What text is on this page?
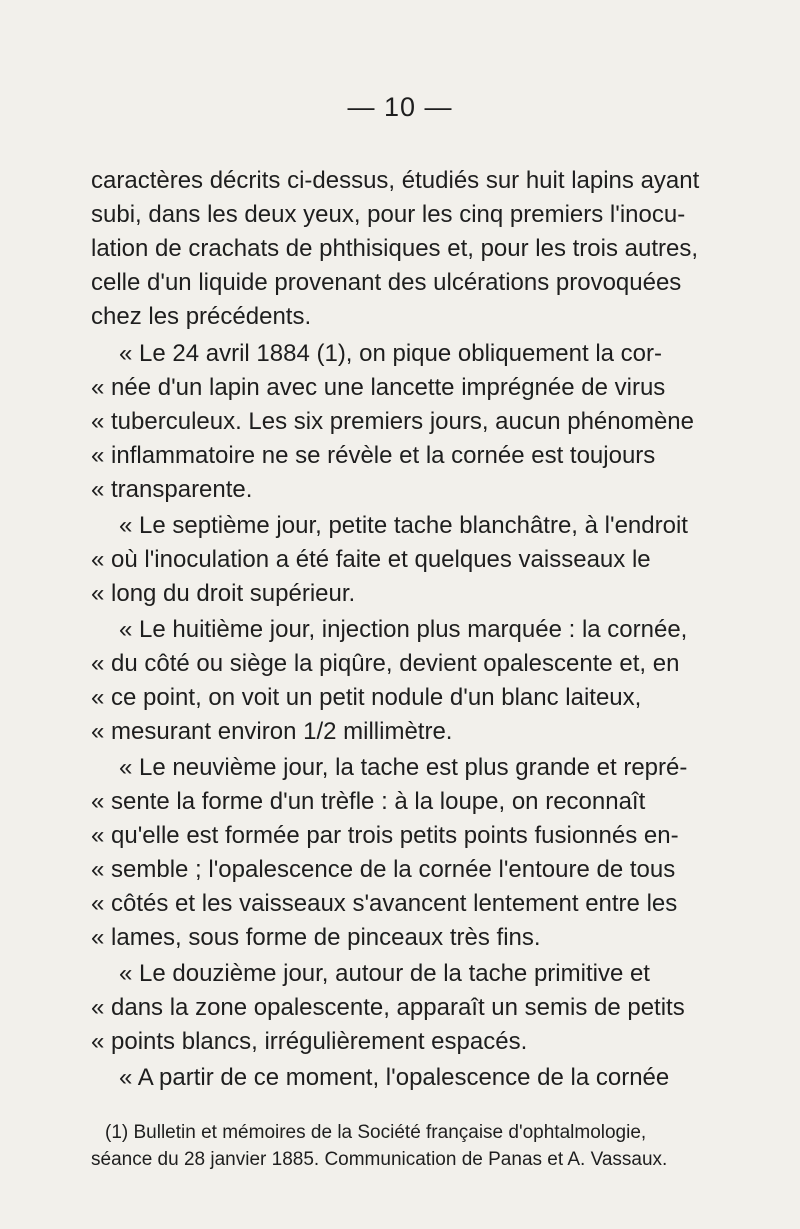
— 10 —
caractères décrits ci-dessus, étudiés sur huit lapins ayant
subi, dans les deux yeux, pour les cinq premiers l'inocu-
lation de crachats de phthisiques et, pour les trois autres,
celle d'un liquide provenant des ulcérations provoquées
chez les précédents.
« Le 24 avril 1884 (1), on pique obliquement la cor-
« née d'un lapin avec une lancette imprégnée de virus
« tuberculeux. Les six premiers jours, aucun phénomène
« inflammatoire ne se révèle et la cornée est toujours
« transparente.
« Le septième jour, petite tache blanchâtre, à l'endroit
« où l'inoculation a été faite et quelques vaisseaux le
« long du droit supérieur.
« Le huitième jour, injection plus marquée : la cornée,
« du côté ou siège la piqûre, devient opalescente et, en
« ce point, on voit un petit nodule d'un blanc laiteux,
« mesurant environ 1/2 millimètre.
« Le neuvième jour, la tache est plus grande et repré-
« sente la forme d'un trèfle : à la loupe, on reconnaît
« qu'elle est formée par trois petits points fusionnés en-
« semble ; l'opalescence de la cornée l'entoure de tous
« côtés et les vaisseaux s'avancent lentement entre les
« lames, sous forme de pinceaux très fins.
« Le douzième jour, autour de la tache primitive et
« dans la zone opalescente, apparaît un semis de petits
« points blancs, irrégulièrement espacés.
« A partir de ce moment, l'opalescence de la cornée
(1) Bulletin et mémoires de la Société française d'ophtalmologie,
séance du 28 janvier 1885. Communication de Panas et A. Vassaux.
